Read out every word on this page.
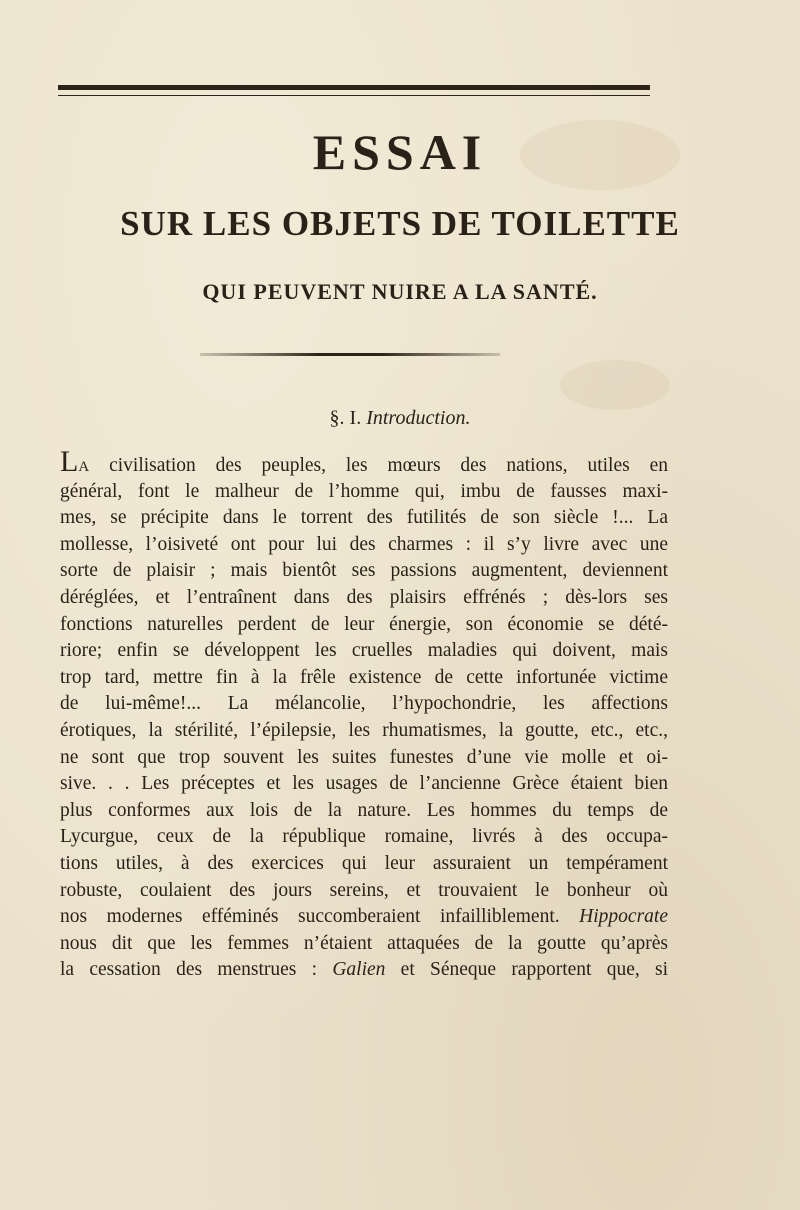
ESSAI
SUR LES OBJETS DE TOILETTE
QUI PEUVENT NUIRE A LA SANTÉ.
§. I. Introduction.
LA civilisation des peuples, les mœurs des nations, utiles en
général, font le malheur de l’homme qui, imbu de fausses maxi-
mes, se précipite dans le torrent des futilités de son siècle !... La
mollesse, l’oisiveté ont pour lui des charmes : il s’y livre avec une
sorte de plaisir ; mais bientôt ses passions augmentent, deviennent
déréglées, et l’entraînent dans des plaisirs effrénés ; dès-lors ses
fonctions naturelles perdent de leur énergie, son économie se dété-
riore; enfin se développent les cruelles maladies qui doivent, mais
trop tard, mettre fin à la frêle existence de cette infortunée victime
de lui-même!... La mélancolie, l’hypochondrie, les affections
érotiques, la stérilité, l’épilepsie, les rhumatismes, la goutte, etc., etc.,
ne sont que trop souvent les suites funestes d’une vie molle et oi-
sive. . . Les préceptes et les usages de l’ancienne Grèce étaient bien
plus conformes aux lois de la nature. Les hommes du temps de
Lycurgue, ceux de la république romaine, livrés à des occupa-
tions utiles, à des exercices qui leur assuraient un tempérament
robuste, coulaient des jours sereins, et trouvaient le bonheur où
nos modernes efféminés succomberaient infailliblement. Hippocrate
nous dit que les femmes n’étaient attaquées de la goutte qu’après
la cessation des menstrues : Galien et Séneque rapportent que, si
